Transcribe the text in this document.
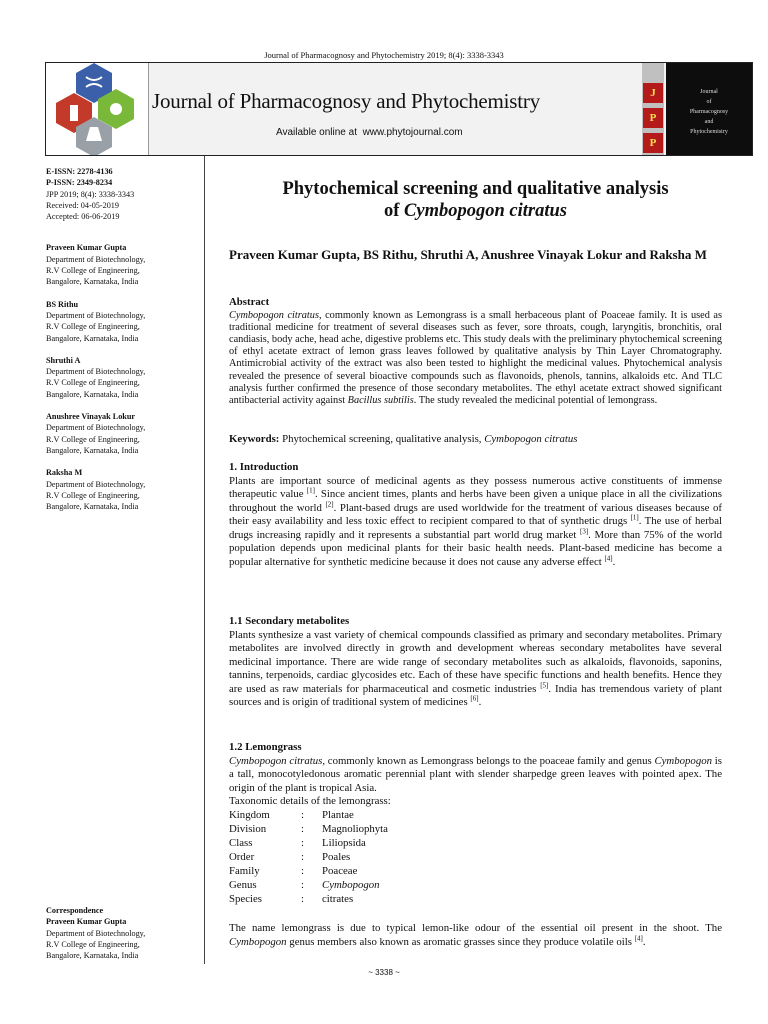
Journal of Pharmacognosy and Phytochemistry 2019; 8(4): 3338-3343
Journal of Pharmacognosy and Phytochemistry
Available online at www.phytojournal.com
J
P
P
Journal
of
Pharmacognosy
and
Phytochemistry

E-ISSN: 2278-4136

P-ISSN: 2349-8234

JPP 2019; 8(4): 3338-3343

Received: 04-05-2019

Accepted: 06-06-2019

Praveen Kumar Gupta

Department of Biotechnology,

R.V College of Engineering,

Bangalore, Karnataka, India

BS Rithu

Department of Biotechnology,

R.V College of Engineering,

Bangalore, Karnataka, India

Shruthi A

Department of Biotechnology,

R.V College of Engineering,

Bangalore, Karnataka, India

Anushree Vinayak Lokur

Department of Biotechnology,

R.V College of Engineering,

Bangalore, Karnataka, India

Raksha M

Department of Biotechnology,

R.V College of Engineering,

Bangalore, Karnataka, India

Correspondence

Praveen Kumar Gupta

Department of Biotechnology,

R.V College of Engineering,

Bangalore, Karnataka, India

Phytochemical screening and qualitative analysis
of Cymbopogon citratus
Praveen Kumar Gupta, BS Rithu, Shruthi A, Anushree Vinayak Lokur and Raksha M
Abstract
Cymbopogon citratus, commonly known as Lemongrass is a small herbaceous plant of Poaceae family. It is used as traditional medicine for treatment of several diseases such as fever, sore throats, cough, laryngitis, bronchitis, oral candiasis, body ache, head ache, digestive problems etc. This study deals with the preliminary phytochemical screening of ethyl acetate extract of lemon grass leaves followed by qualitative analysis by Thin Layer Chromatography. Antimicrobial activity of the extract was also been tested to highlight the medicinal values. Phytochemical analysis revealed the presence of several bioactive compounds such as flavonoids, phenols, tannins, alkaloids etc. And TLC analysis further confirmed the presence of those secondary metabolites. The ethyl acetate extract showed significant antibacterial activity against Bacillus subtilis. The study revealed the medicinal potential of lemongrass.
Keywords: Phytochemical screening, qualitative analysis, Cymbopogon citratus
1. Introduction
Plants are important source of medicinal agents as they possess numerous active constituents of immense therapeutic value [1]. Since ancient times, plants and herbs have been given a unique place in all the civilizations throughout the world [2]. Plant-based drugs are used worldwide for the treatment of various diseases because of their easy availability and less toxic effect to recipient compared to that of synthetic drugs [1]. The use of herbal drugs increasing rapidly and it represents a substantial part world drug market [3]. More than 75% of the world population depends upon medicinal plants for their basic health needs. Plant-based medicine has become a popular alternative for synthetic medicine because it does not cause any adverse effect [4].
1.1 Secondary metabolites
Plants synthesize a vast variety of chemical compounds classified as primary and secondary metabolites. Primary metabolites are involved directly in growth and development whereas secondary metabolites have several medicinal importance. There are wide range of secondary metabolites such as alkaloids, flavonoids, saponins, tannins, terpenoids, cardiac glycosides etc. Each of these have specific functions and health benefits. Hence they are used as raw materials for pharmaceutical and cosmetic industries [5]. India has tremendous variety of plant sources and is origin of traditional system of medicines [6].
1.2 Lemongrass
Cymbopogon citratus, commonly known as Lemongrass belongs to the poaceae family and genus Cymbopogon is a tall, monocotyledonous aromatic perennial plant with slender sharpedge green leaves with pointed apex. The origin of the plant is tropical Asia.
Taxonomic details of the lemongrass:
Kingdom	:	Plantae
Division	:	Magnoliophyta
Class	:	Liliopsida
Order	:	Poales
Family	:	Poaceae
Genus	:	Cymbopogon
Species	:	citrates
The name lemongrass is due to typical lemon-like odour of the essential oil present in the shoot. The Cymbopogon genus members also known as aromatic grasses since they produce volatile oils [4].
~ 3338 ~
